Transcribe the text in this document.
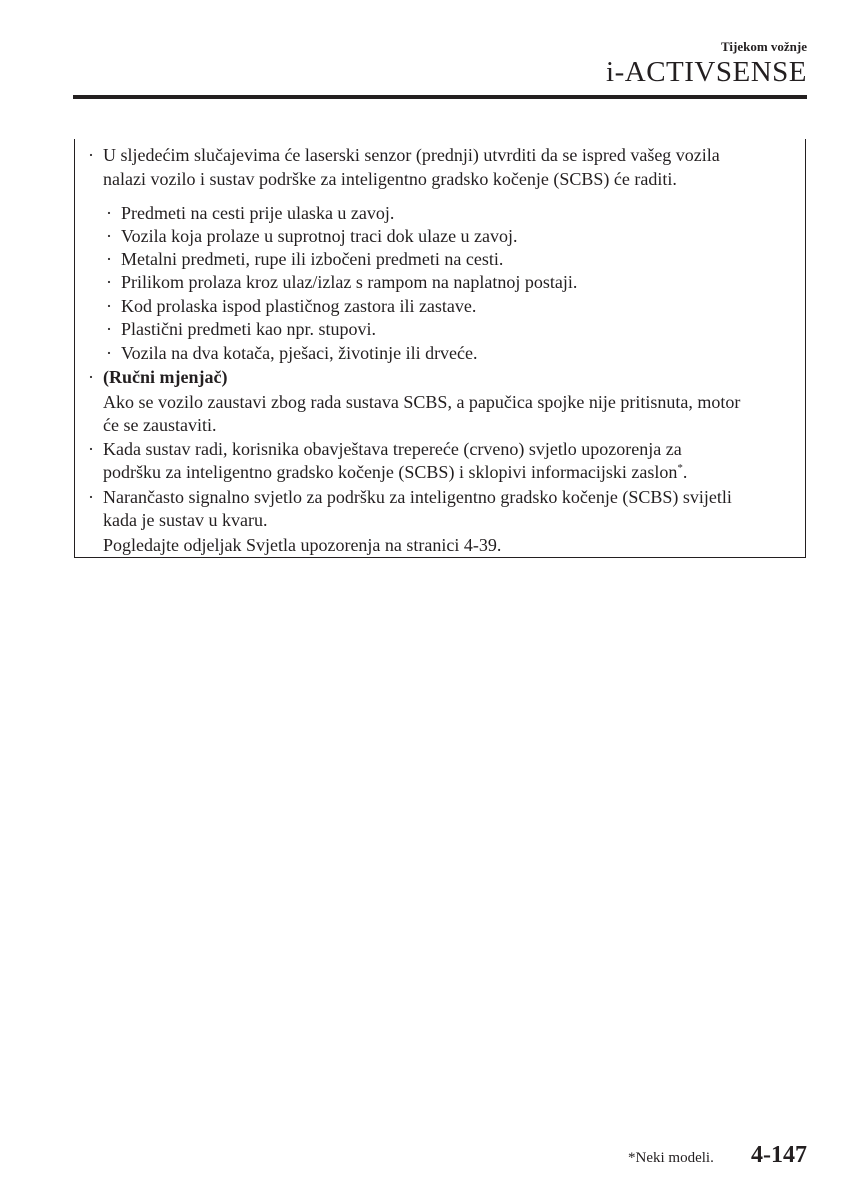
Tijekom vožnje
i-ACTIVSENSE
· U sljedećim slučajevima će laserski senzor (prednji) utvrditi da se ispred vašeg vozila
nalazi vozilo i sustav podrške za inteligentno gradsko kočenje (SCBS) će raditi.
· Predmeti na cesti prije ulaska u zavoj.
· Vozila koja prolaze u suprotnoj traci dok ulaze u zavoj.
· Metalni predmeti, rupe ili izbočeni predmeti na cesti.
· Prilikom prolaza kroz ulaz/izlaz s rampom na naplatnoj postaji.
· Kod prolaska ispod plastičnog zastora ili zastave.
· Plastični predmeti kao npr. stupovi.
· Vozila na dva kotača, pješaci, životinje ili drveće.
· (Ručni mjenjač)
Ako se vozilo zaustavi zbog rada sustava SCBS, a papučica spojke nije pritisnuta, motor
će se zaustaviti.
· Kada sustav radi, korisnika obavještava treperеće (crveno) svjetlo upozorenja za
podršku za inteligentno gradsko kočenje (SCBS) i sklopivi informacijski zaslon*.
· Narančasto signalno svjetlo za podršku za inteligentno gradsko kočenje (SCBS) svijetli
kada je sustav u kvaru.
Pogledajte odjeljak Svjetla upozorenja na stranici 4-39.
*Neki modeli. 4-147
